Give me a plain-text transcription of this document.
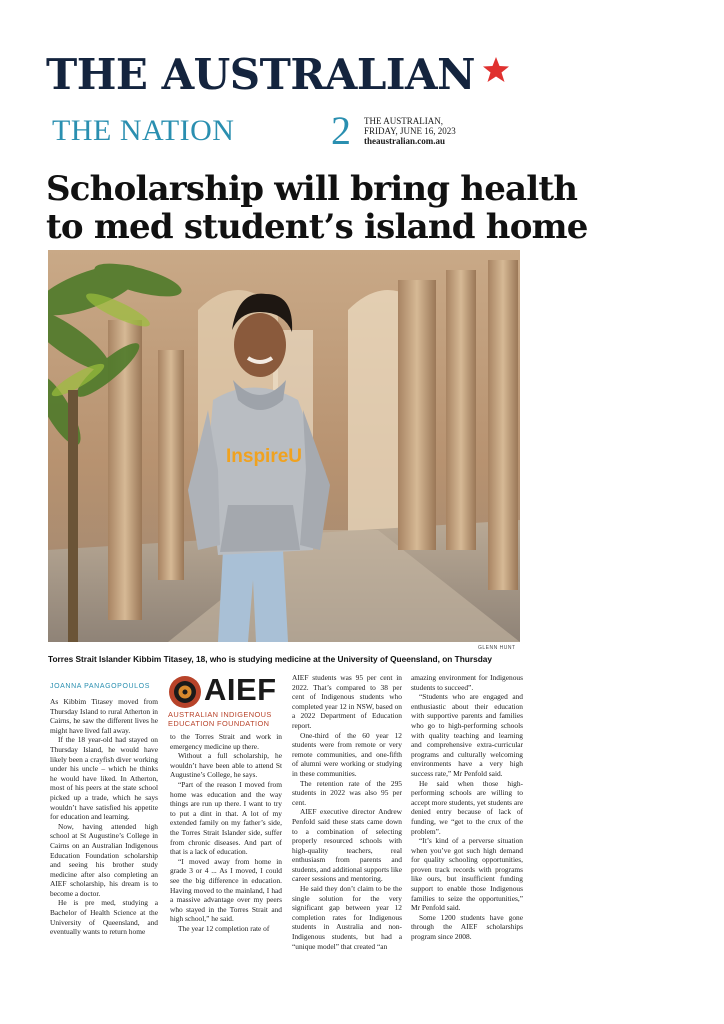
THE AUSTRALIAN
THE NATION 2 THE AUSTRALIAN,
FRIDAY, JUNE 16, 2023
theaustralian.com.au
Scholarship will bring health
to med student’s island home
InspireU
GLENN HUNT
Torres Strait Islander Kibbim Titasey, 18, who is studying medicine at the University of Queensland, on Thursday
JOANNA PANAGOPOULOS AIEF
AUSTRALIAN INDIGENOUS
EDUCATION FOUNDATION

As Kibbim Titasey moved from Thursday Island to rural Atherton in Cairns, he saw the different lives he might have lived fall away.

If the 18 year-old had stayed on Thursday Island, he would have likely been a crayfish diver working under his uncle – which he thinks he would have liked. In Atherton, most of his peers at the state school picked up a trade, which he says wouldn’t have satisfied his appetite for education and learning.

Now, having attended high school at St Augustine’s College in Cairns on an Australian Indigenous Education Foundation scholarship and seeing his brother study medicine after also completing an AIEF scholarship, his dream is to become a doctor.

He is pre med, studying a Bachelor of Health Science at the University of Queensland, and eventually wants to return home

to the Torres Strait and work in emergency medicine up there.

Without a full scholarship, he wouldn’t have been able to attend St Augustine’s College, he says.

“Part of the reason I moved from home was education and the way things are run up there. I want to try to put a dint in that. A lot of my extended family on my father’s side, the Torres Strait Islander side, suffer from chronic diseases. And part of that is a lack of education.

“I moved away from home in grade 3 or 4 ... As I moved, I could see the big difference in education. Having moved to the mainland, I had a massive advantage over my peers who stayed in the Torres Strait and high school,” he said.

The year 12 completion rate of

AIEF students was 95 per cent in 2022. That’s compared to 38 per cent of Indigenous students who completed year 12 in NSW, based on a 2022 Department of Education report.

One-third of the 60 year 12 students were from remote or very remote communities, and one-fifth of alumni were working or studying in these communities.

The retention rate of the 295 students in 2022 was also 95 per cent.

AIEF executive director Andrew Penfold said these stats came down to a combination of selecting properly resourced schools with high-quality teachers, real enthusiasm from parents and students, and additional supports like career sessions and mentoring.

He said they don’t claim to be the single solution for the very significant gap between year 12 completion rates for Indigenous students in Australia and non-Indigenous students, but had a “unique model” that created “an

amazing environment for Indigenous students to succeed”.

“Students who are engaged and enthusiastic about their education with supportive parents and families who go to high-performing schools with quality teaching and learning and comprehensive extra-curricular programs and culturally welcoming environments have a very high success rate,” Mr Penfold said.

He said when those high-performing schools are willing to accept more students, yet students are denied entry because of lack of funding, we “get to the crux of the problem”.

“It’s kind of a perverse situation when you’ve got such high demand for quality schooling opportunities, proven track records with programs like ours, but insufficient funding support to enable those Indigenous families to seize the opportunities,” Mr Penfold said.

Some 1200 students have gone through the AIEF scholarships program since 2008.
